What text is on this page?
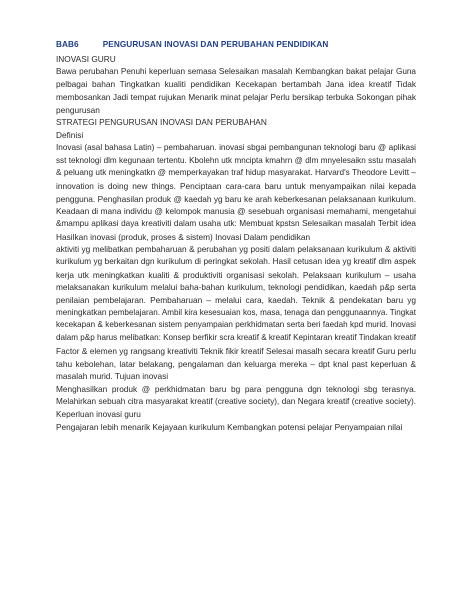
BAB6	PENGURUSAN INOVASI DAN PERUBAHAN PENDIDIKAN
INOVASI GURU
Bawa perubahan Penuhi keperluan semasa Selesaikan masalah Kembangkan bakat pelajar Guna
pelbagai bahan Tingkatkan kualiti pendidikan Kecekapan bertambah Jana idea kreatif Tidak
membosankan Jadi tempat rujukan Menarik minat pelajar Perlu bersikap terbuka Sokongan pihak
pengurusan
STRATEGI PENGURUSAN INOVASI DAN PERUBAHAN
Definisi
Inovasi (asal bahasa Latin) – pembaharuan. inovasi sbgai pembangunan teknologi baru @ aplikasi
sst teknologi dlm kegunaan tertentu. Kbolehn utk mncipta kmahrn @ dlm mnyelesaikn sstu masalah
& peluang utk meningkatkn @ memperkayakan traf hidup masyarakat. Harvard's Theodore Levitt –
innovation is doing new things. Penciptaan cara-cara baru untuk menyampaikan nilai kepada
pengguna. Penghasilan produk @ kaedah yg baru ke arah keberkesanan pelaksanaan kurikulum.
Keadaan di mana individu @ kelompok manusia @ sesebuah organisasi memahami, mengetahui
&mampu aplikasi daya kreativiti dalam usaha utk: Membuat kpstsn Selesaikan masalah Terbit idea
Hasilkan inovasi (produk, proses & sistem) Inovasi Dalam pendidikan
aktiviti yg melibatkan pembaharuan & perubahan yg positi dalam pelaksanaan kurikulum & aktiviti
kurikulum yg berkaitan dgn kurikulum di peringkat sekolah. Hasil cetusan idea yg kreatif dlm aspek
kerja utk meningkatkan kualiti & produktiviti organisasi sekolah. Pelaksaan kurikulum – usaha
melaksanakan kurikulum melalui baha-bahan kurikulum, teknologi pendidikan, kaedah p&p serta
penilaian pembelajaran. Pembaharuan – melalui cara, kaedah. Teknik & pendekatan baru yg
meningkatkan pembelajaran. Ambil kira kesesuaian kos, masa, tenaga dan penggunaannya. Tingkat
kecekapan & keberkesanan sistem penyampaian perkhidmatan serta beri faedah kpd murid. Inovasi
dalam p&p harus melibatkan: Konsep berfikir scra kreatif & kreatif Kepintaran kreatif Tindakan kreatif
Factor & elemen yg rangsang kreativiti Teknik fikir kreatif Selesai masalh secara kreatif Guru perlu
tahu kebolehan, latar belakang, pengalaman dan keluarga mereka – dpt knal past keperluan &
masalah murid. Tujuan inovasi
Menghasilkan produk @ perkhidmatan baru bg para pengguna dgn teknologi sbg terasnya.
Melahirkan sebuah citra masyarakat kreatif (creative society), dan Negara kreatif (creative society).
Keperluan inovasi guru
Pengajaran lebih menarik Kejayaan kurikulum Kembangkan potensi pelajar Penyampaian nilai
